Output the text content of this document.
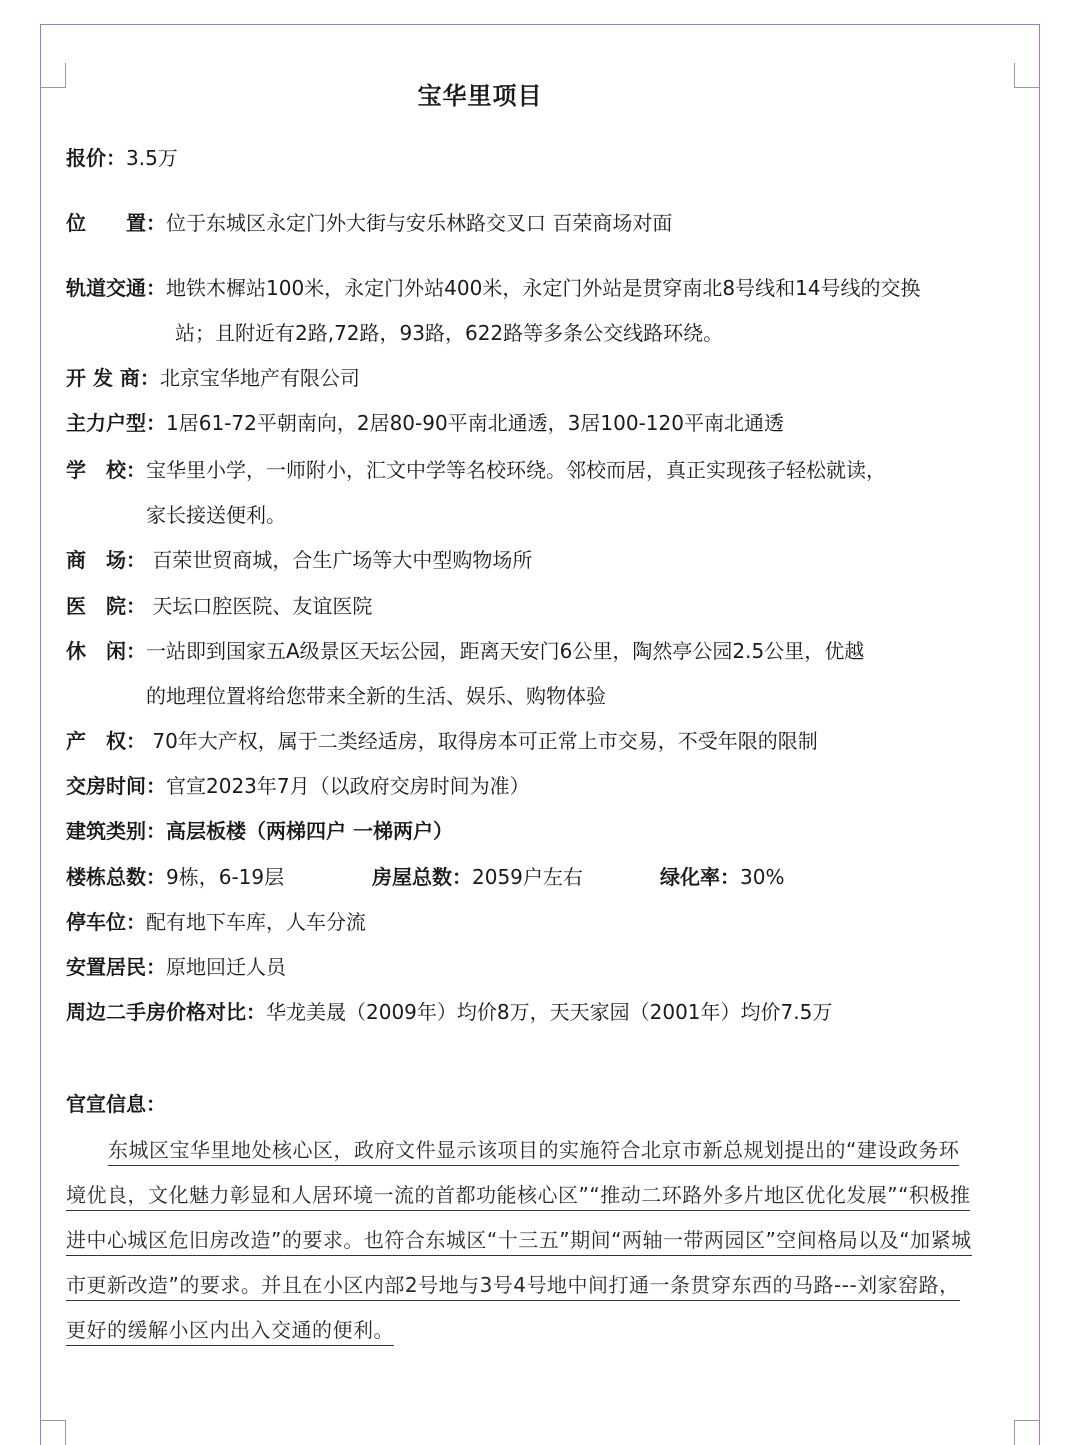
宝华里项目
报价：3.5万
位　　置：位于东城区永定门外大街与安乐林路交叉口 百荣商场对面
轨道交通：地铁木樨站100米，永定门外站400米，永定门外站是贯穿南北8号线和14号线的交换
站；且附近有2路,72路，93路，622路等多条公交线路环绕。
开 发 商：北京宝华地产有限公司
主力户型：1居61-72平朝南向，2居80-90平南北通透，3居100-120平南北通透
学　校：宝华里小学，一师附小，汇文中学等名校环绕。邻校而居，真正实现孩子轻松就读，
家长接送便利。
商　场： 百荣世贸商城，合生广场等大中型购物场所
医　院： 天坛口腔医院、友谊医院
休　闲：一站即到国家五A级景区天坛公园，距离天安门6公里，陶然亭公园2.5公里，优越
的地理位置将给您带来全新的生活、娱乐、购物体验
产　权： 70年大产权，属于二类经适房，取得房本可正常上市交易，不受年限的限制
交房时间：官宣2023年7月（以政府交房时间为准）
建筑类别：高层板楼（两梯四户 一梯两户）
楼栋总数：9栋，6-19层	房屋总数：2059户左右	绿化率：30%
停车位：配有地下车库，人车分流
安置居民：原地回迁人员
周边二手房价格对比：华龙美晟（2009年）均价8万，天天家园（2001年）均价7.5万
官宣信息：
东城区宝华里地处核心区，政府文件显示该项目的实施符合北京市新总规划提出的“建设政务环
境优良，文化魅力彰显和人居环境一流的首都功能核心区”“推动二环路外多片地区优化发展”“积极推
进中心城区危旧房改造”的要求。也符合东城区“十三五”期间“两轴一带两园区”空间格局以及“加紧城
市更新改造”的要求。并且在小区内部2号地与3号4号地中间打通一条贯穿东西的马路---刘家窑路，
更好的缓解小区内出入交通的便利。
